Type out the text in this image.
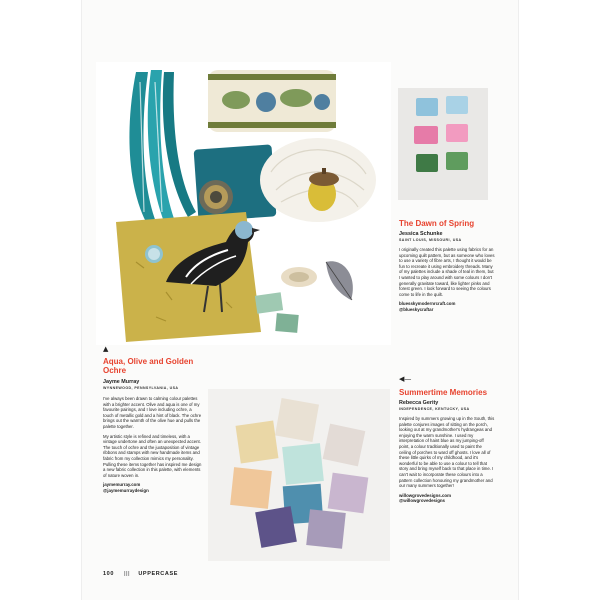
▲
Aqua, Olive and Golden Ochre
Jayme Murray
WYNNEWOOD, PENNSYLVANIA, USA

I've always been drawn to calming colour palettes with a brighter accent. Olive and aqua is one of my favourite pairings, and I love including ochre, a touch of metallic gold and a hint of black. The ochre brings out the warmth of the olive hue and pulls the palette together.

My artistic style is refined and timeless, with a vintage undertone and often an unexpected accent. The touch of ochre and the juxtaposition of vintage ribbons and stamps with new handmade items and fabric from my collection mimics my personality. Pulling these items together has inspired me design a new fabric collection in this palette, with elements of nature woven in.

jaymemurray.com
@jaymemurraydesign
The Dawn of Spring
Jessica Schunke
SAINT LOUIS, MISSOURI, USA

I originally created this palette using fabrics for an upcoming quilt pattern, but as someone who loves to use a variety of fibre arts, I thought it would be fun to recreate it using embroidery threads. Many of my palettes include a shade of teal in them, but I wanted to play around with some colours I don't generally gravitate toward, like lighter pinks and forest green. I look forward to seeing the colours come to life in the quilt.

bluesskymodernrcraft.com
@blueskycraftar
◀—
Summertime Memories
Rebecca Gerity
INDEPENDENCE, KENTUCKY, USA

Inspired by summers growing up in the South, this palette conjures images of sitting on the porch, looking out at my grandmother's hydrangeas and enjoying the warm sunshine. I used my interpretation of haint blue as my jumping-off point, a colour traditionally used to paint the ceiling of porches to ward off ghosts. I love all of these little quirks of my childhood, and it's wonderful to be able to use a colour to tell that story and bring myself back to that place in time. I can't wait to incorporate these colours into a pattern collection honouring my grandmother and our many summers together!

willowgrovedesigns.com
@willowgrovedesigns
100 ||| UPPERCASE
